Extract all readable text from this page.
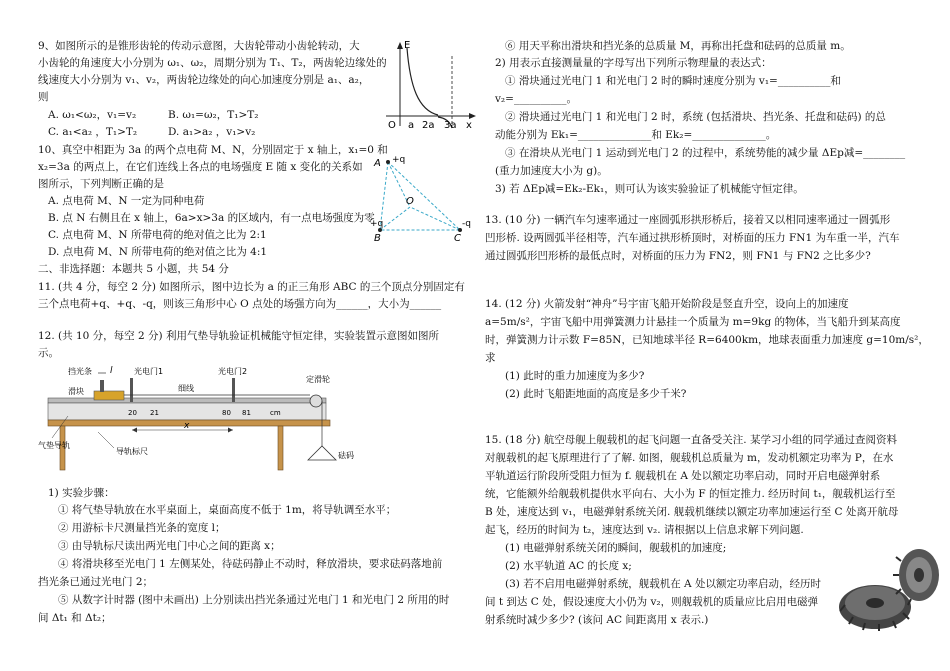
9、如图所示的是锥形齿轮的传动示意图，大齿轮带动小齿轮转动，大
小齿轮的角速度大小分别为 ω₁、ω₂，周期分别为 T₁、T₂，两齿轮边缘处的
线速度大小分别为 v₁、v₂，两齿轮边缘处的向心加速度分别是 a₁、a₂，
则
A. ω₁<ω₂，v₁=v₂	B. ω₁=ω₂，T₁>T₂
C. a₁<a₂ ，T₁>T₂	D. a₁>a₂ ，v₁>v₂
E
O a 2a 3a x
10、真空中相距为 3a 的两个点电荷 M、N，分别固定于 x 轴上，x₁=0 和
x₂=3a 的两点上，在它们连线上各点的电场强度 E 随 x 变化的关系如
图所示，下列判断正确的是
A. 点电荷 M、N 一定为同种电荷
B. 点 N 右侧且在 x 轴上，6a>x>3a 的区域内，有一点电场强度为零
C. 点电荷 M、N 所带电荷的绝对值之比为 2:1
D. 点电荷 M、N 所带电荷的绝对值之比为 4:1
A +q
+q
B	C
-q
O
二、非选择题：本题共 5 小题，共 54 分
11. (共 4 分，每空 2 分) 如图所示，图中边长为 a 的正三角形 ABC 的三个顶点分别固定有
三个点电荷+q、+q、-q，则该三角形中心 O 点处的场强方向为______，大小为______
12. (共 10 分，每空 2 分) 利用气垫导轨验证机械能守恒定律，实验装置示意图如图所
示。
l
挡光条
滑块
光电门1	光电门2
细线
定滑轮
气垫导轨
导轨标尺	砝码
x
20 21	80 81	cm
1) 实验步骤：
① 将气垫导轨放在水平桌面上，桌面高度不低于 1m，将导轨调至水平；
② 用游标卡尺测量挡光条的宽度 l；
③ 由导轨标尺读出两光电门中心之间的距离 x；
④ 将滑块移至光电门 1 左侧某处，待砝码静止不动时，释放滑块，要求砝码落地前
挡光条已通过光电门 2；
⑤ 从数字计时器 (图中未画出) 上分别读出挡光条通过光电门 1 和光电门 2 所用的时
间 Δt₁ 和 Δt₂；
⑥ 用天平称出滑块和挡光条的总质量 M，再称出托盘和砝码的总质量 m。
2) 用表示直接测量量的字母写出下列所示物理量的表达式：
① 滑块通过光电门 1 和光电门 2 时的瞬时速度分别为 v₁=__________和
v₂=__________。
② 滑块通过光电门 1 和光电门 2 时，系统 (包括滑块、挡光条、托盘和砝码) 的总
动能分别为 Ek₁=______________和 Ek₂=______________。
③ 在滑块从光电门 1 运动到光电门 2 的过程中，系统势能的减少量 ΔEp减=________
(重力加速度大小为 g)。
3) 若 ΔEp减=Ek₂-Ek₁，则可认为该实验验证了机械能守恒定律。
13. (10 分) 一辆汽车匀速率通过一座圆弧形拱形桥后，接着又以相同速率通过一圆弧形
凹形桥. 设两圆弧半径相等，汽车通过拱形桥顶时，对桥面的压力 FN1 为车重一半，汽车
通过圆弧形凹形桥的最低点时，对桥面的压力为 FN2，则 FN1 与 FN2 之比多少?
14. (12 分) 火箭发射“神舟”号宇宙飞船开始阶段是竖直升空，设向上的加速度
a=5m/s²，宇宙飞船中用弹簧测力计悬挂一个质量为 m=9kg 的物体，当飞船升到某高度
时，弹簧测力计示数 F=85N，已知地球半径 R=6400km，地球表面重力加速度 g=10m/s²，
求
(1) 此时的重力加速度为多少?
(2) 此时飞船距地面的高度是多少千米?
15. (18 分) 航空母舰上舰载机的起飞问题一直备受关注. 某学习小组的同学通过查阅资料
对舰载机的起飞原理进行了了解. 如图，舰载机总质量为 m，发动机额定功率为 P，在水
平轨道运行阶段所受阻力恒为 f. 舰载机在 A 处以额定功率启动，同时开启电磁弹射系
统，它能额外给舰载机提供水平向右、大小为 F 的恒定推力. 经历时间 t₁，舰载机运行至
B 处，速度达到 v₁，电磁弹射系统关闭. 舰载机继续以额定功率加速运行至 C 处离开航母
起飞，经历的时间为 t₂，速度达到 v₂. 请根据以上信息求解下列问题.
(1) 电磁弹射系统关闭的瞬间，舰载机的加速度;
(2) 水平轨道 AC 的长度 x;
(3) 若不启用电磁弹射系统，舰载机在 A 处以额定功率启动，经历时
间 t 到达 C 处，假设速度大小仍为 v₂，则舰载机的质量应比启用电磁弹
射系统时减少多少? (该问 AC 间距离用 x 表示.)
